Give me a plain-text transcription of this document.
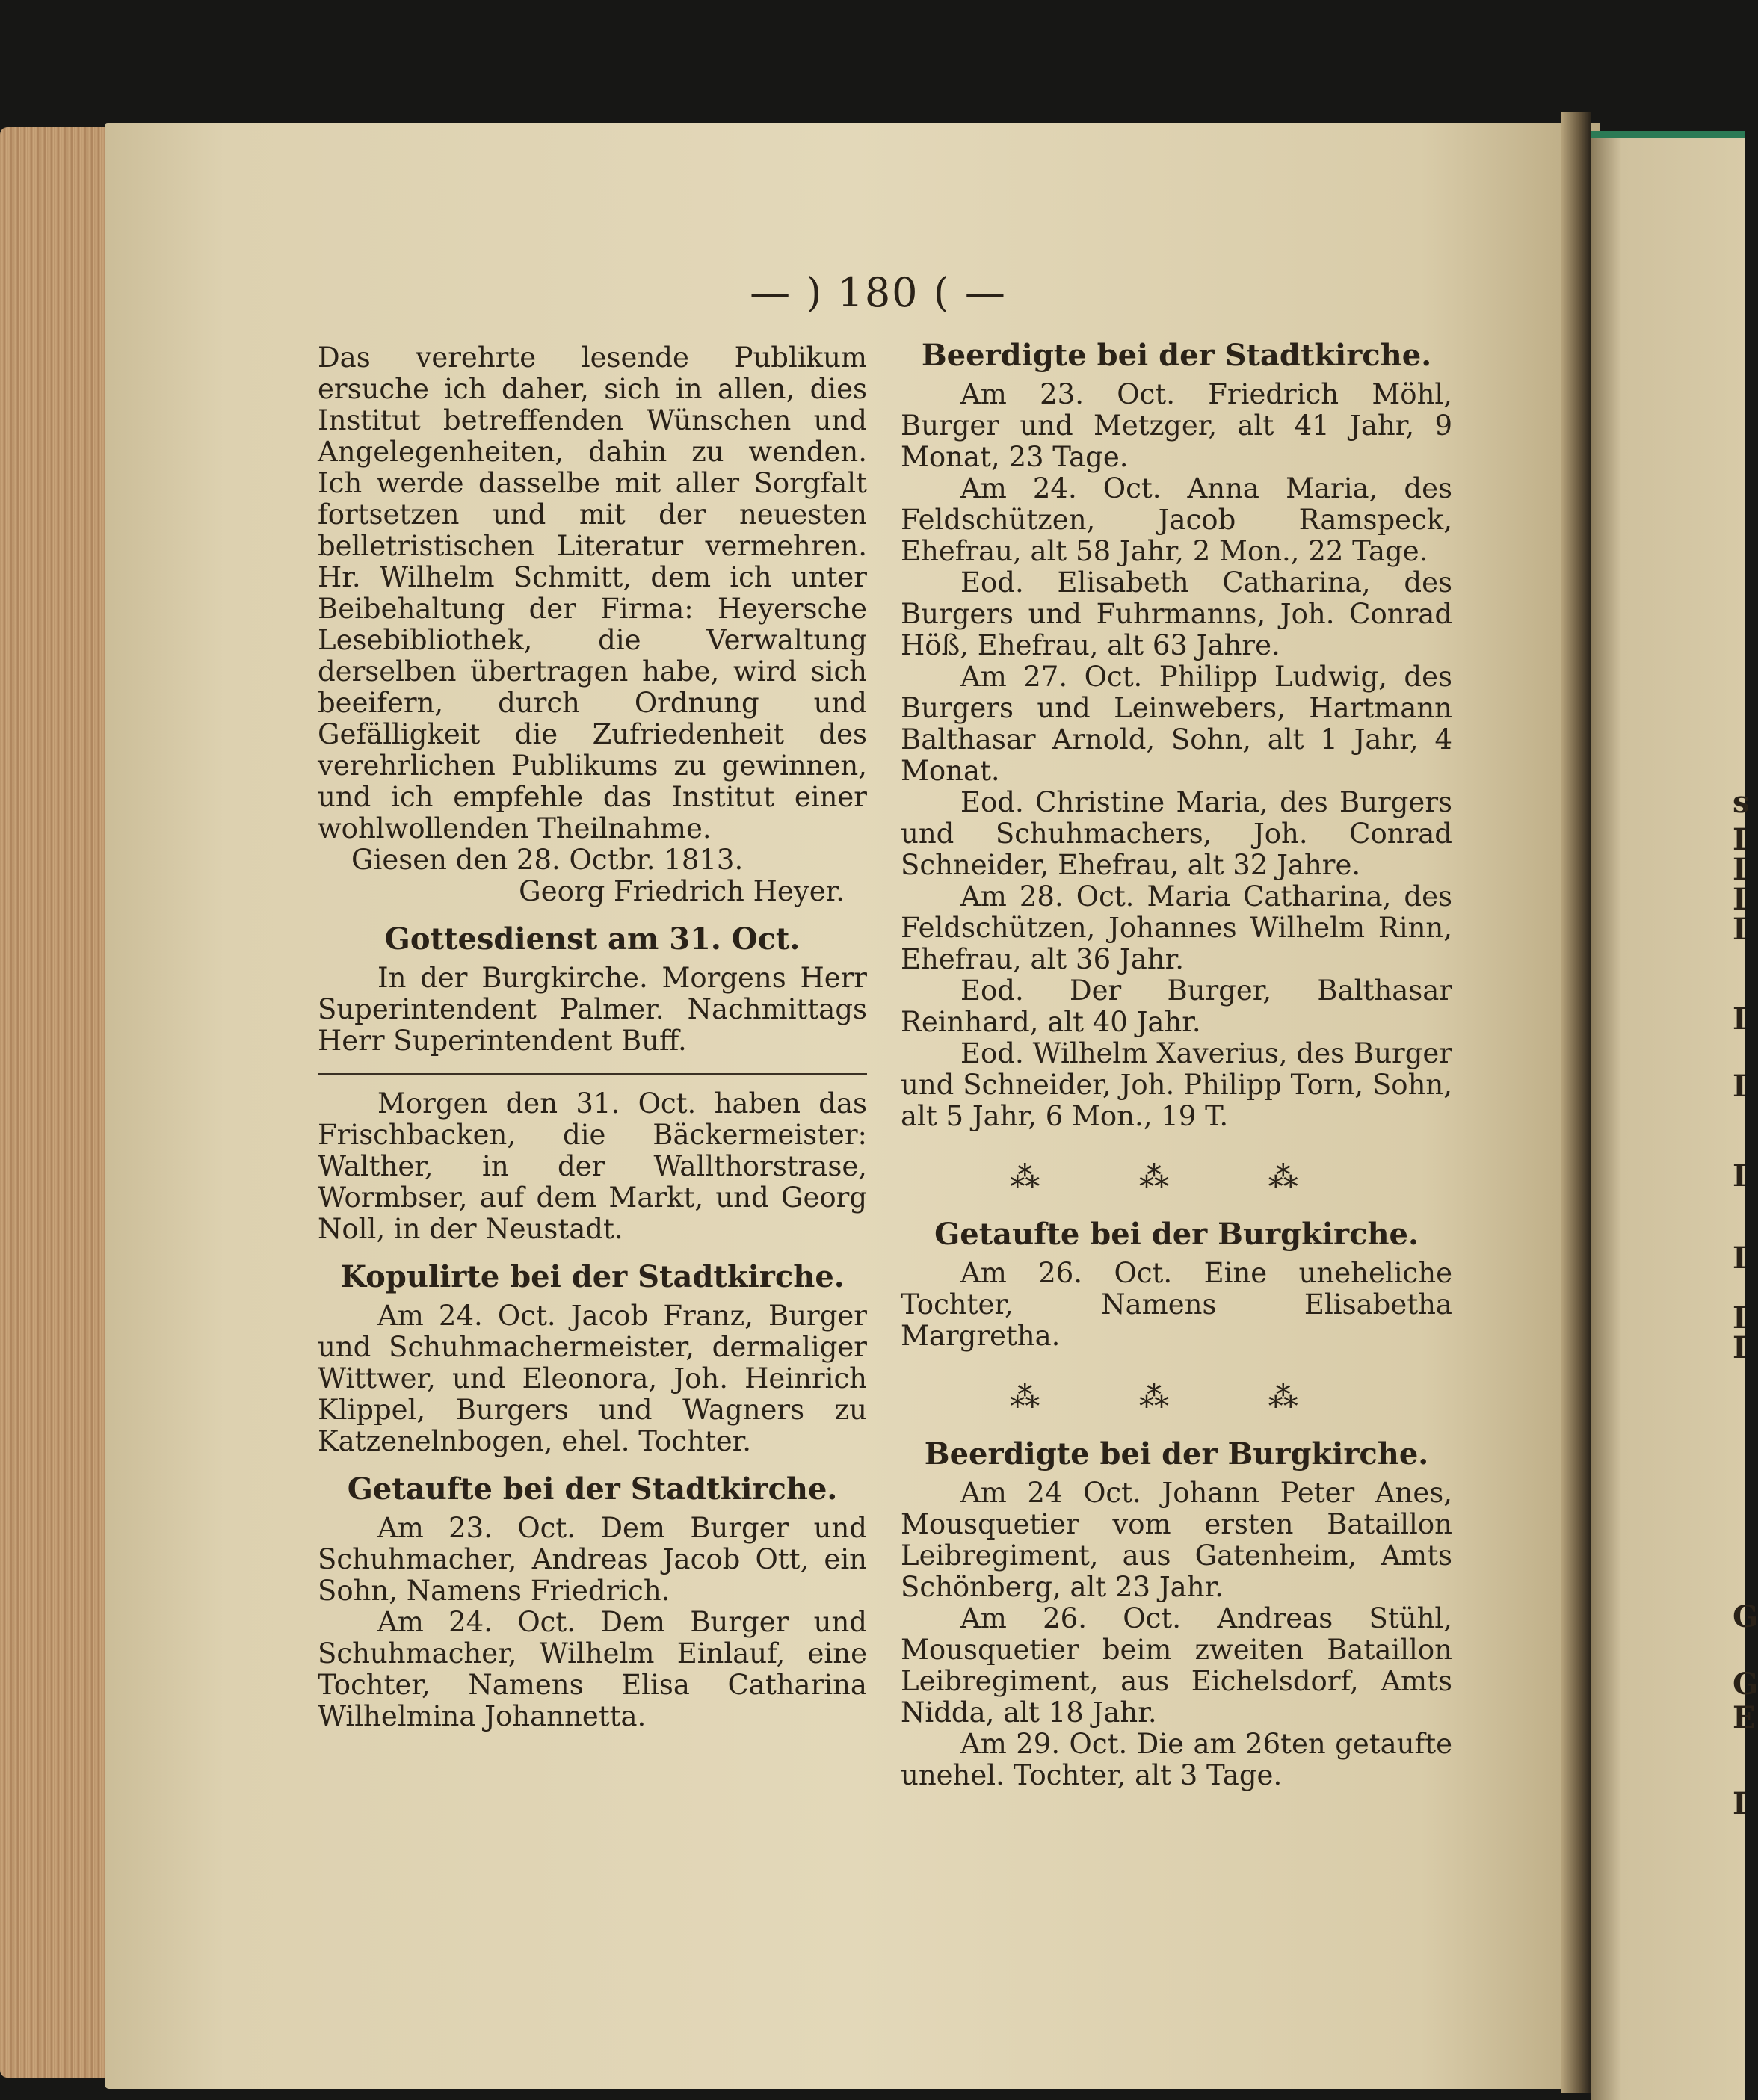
s
I
I
I
I
I
I
I
I
I
I
G
G
E
I
— ) 180 ( —

Das verehrte lesende Publikum ersuche ich daher, sich in allen, dies Institut betreffenden Wünschen und Angelegenheiten, dahin zu wenden. Ich werde dasselbe mit aller Sorgfalt fortsetzen und mit der neuesten belletristischen Literatur vermehren. Hr. Wilhelm Schmitt, dem ich unter Beibehaltung der Firma: Heyersche Lesebibliothek, die Verwaltung derselben übertragen habe, wird sich beeifern, durch Ordnung und Gefälligkeit die Zufriedenheit des verehrlichen Publikums zu gewinnen, und ich empfehle das Institut einer wohlwollenden Theilnahme.

Giesen den 28. Octbr. 1813.

Georg Friedrich Heyer.

Gottesdienst am 31. Oct.

In der Burgkirche. Morgens Herr Superintendent Palmer. Nachmittags Herr Superintendent Buff.

Morgen den 31. Oct. haben das Frischbacken, die Bäckermeister: Walther, in der Wallthorstrase, Wormbser, auf dem Markt, und Georg Noll, in der Neustadt.

Kopulirte bei der Stadtkirche.

Am 24. Oct. Jacob Franz, Burger und Schuhmachermeister, dermaliger Wittwer, und Eleonora, Joh. Heinrich Klippel, Burgers und Wagners zu Katzenelnbogen, ehel. Tochter.

Getaufte bei der Stadtkirche.

Am 23. Oct. Dem Burger und Schuhmacher, Andreas Jacob Ott, ein Sohn, Namens Friedrich.

Am 24. Oct. Dem Burger und Schuhmacher, Wilhelm Einlauf, eine Tochter, Namens Elisa Catharina Wilhelmina Johannetta.

Beerdigte bei der Stadtkirche.

Am 23. Oct. Friedrich Möhl, Burger und Metzger, alt 41 Jahr, 9 Monat, 23 Tage.

Am 24. Oct. Anna Maria, des Feldschützen, Jacob Ramspeck, Ehefrau, alt 58 Jahr, 2 Mon., 22 Tage.

Eod. Elisabeth Catharina, des Burgers und Fuhrmanns, Joh. Conrad Höß, Ehefrau, alt 63 Jahre.

Am 27. Oct. Philipp Ludwig, des Burgers und Leinwebers, Hartmann Balthasar Arnold, Sohn, alt 1 Jahr, 4 Monat.

Eod. Christine Maria, des Burgers und Schuhmachers, Joh. Conrad Schneider, Ehefrau, alt 32 Jahre.

Am 28. Oct. Maria Catharina, des Feldschützen, Johannes Wilhelm Rinn, Ehefrau, alt 36 Jahr.

Eod. Der Burger, Balthasar Reinhard, alt 40 Jahr.

Eod. Wilhelm Xaverius, des Burger und Schneider, Joh. Philipp Torn, Sohn, alt 5 Jahr, 6 Mon., 19 T.

⁂ ⁂ ⁂
Getaufte bei der Burgkirche.

Am 26. Oct. Eine uneheliche Tochter, Namens Elisabetha Margretha.

⁂ ⁂ ⁂
Beerdigte bei der Burgkirche.

Am 24 Oct. Johann Peter Anes, Mousquetier vom ersten Bataillon Leibregiment, aus Gatenheim, Amts Schönberg, alt 23 Jahr.

Am 26. Oct. Andreas Stühl, Mousquetier beim zweiten Bataillon Leibregiment, aus Eichelsdorf, Amts Nidda, alt 18 Jahr.

Am 29. Oct. Die am 26ten getaufte unehel. Tochter, alt 3 Tage.
